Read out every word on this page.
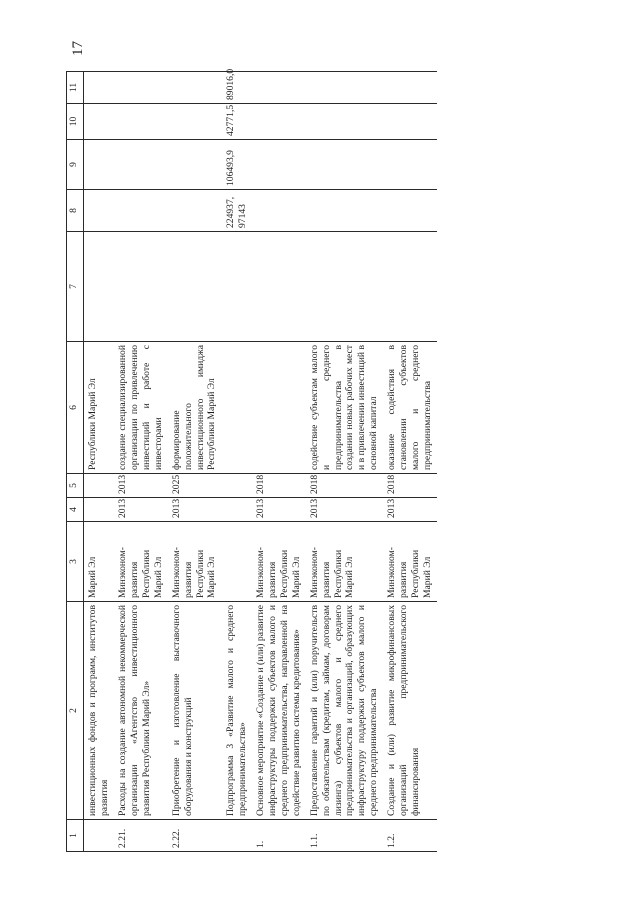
17
1	2	3	4	5	6	7	8	9	10	11
	инвестиционных фондов и программ, институтов развития	Марий Эл			Республики Марий Эл					
2.21.	Расходы на создание автономной некоммерческой организации «Агентство инвестиционного развития Республики Марий Эл»	Минэконом-развития Республики Марий Эл	2013	2013	создание специализированной организации по привлечению инвестиций и работе с инвесторами					
2.22.	Приобретение и изготовление выставочного оборудования и конструкций	Минэконом-развития Республики Марий Эл	2013	2025	формирование положительного инвестиционного имиджа Республики Марий Эл					
	Подпрограмма 3 «Развитие малого и среднего предпринимательства»						224937, 97143	106493,9	42771,5	89016,0
1.	Основное мероприятие «Создание и (или) развитие инфраструктуры поддержки субъектов малого и среднего предпринимательства, направленной на содействие развитию системы кредитования»	Минэконом-развития Республики Марий Эл	2013	2018						
1.1.	Предоставление гарантий и (или) поручительств по обязательствам (кредитам, займам, договорам лизинга) субъектов малого и среднего предпринимательства и организаций, образующих инфраструктуру поддержки субъектов малого и среднего предпринимательства	Минэконом-развития Республики Марий Эл	2013	2018	содействие субъектам малого и среднего предпринимательства в создании новых рабочих мест и в привлечении инвестиций в основной капитал					
1.2.	Создание и (или) развитие микрофинансовых организаций предпринимательского финансирования	Минэконом-развития Республики Марий Эл	2013	2018	оказание содействия в становлении субъектов малого и среднего предпринимательства					
